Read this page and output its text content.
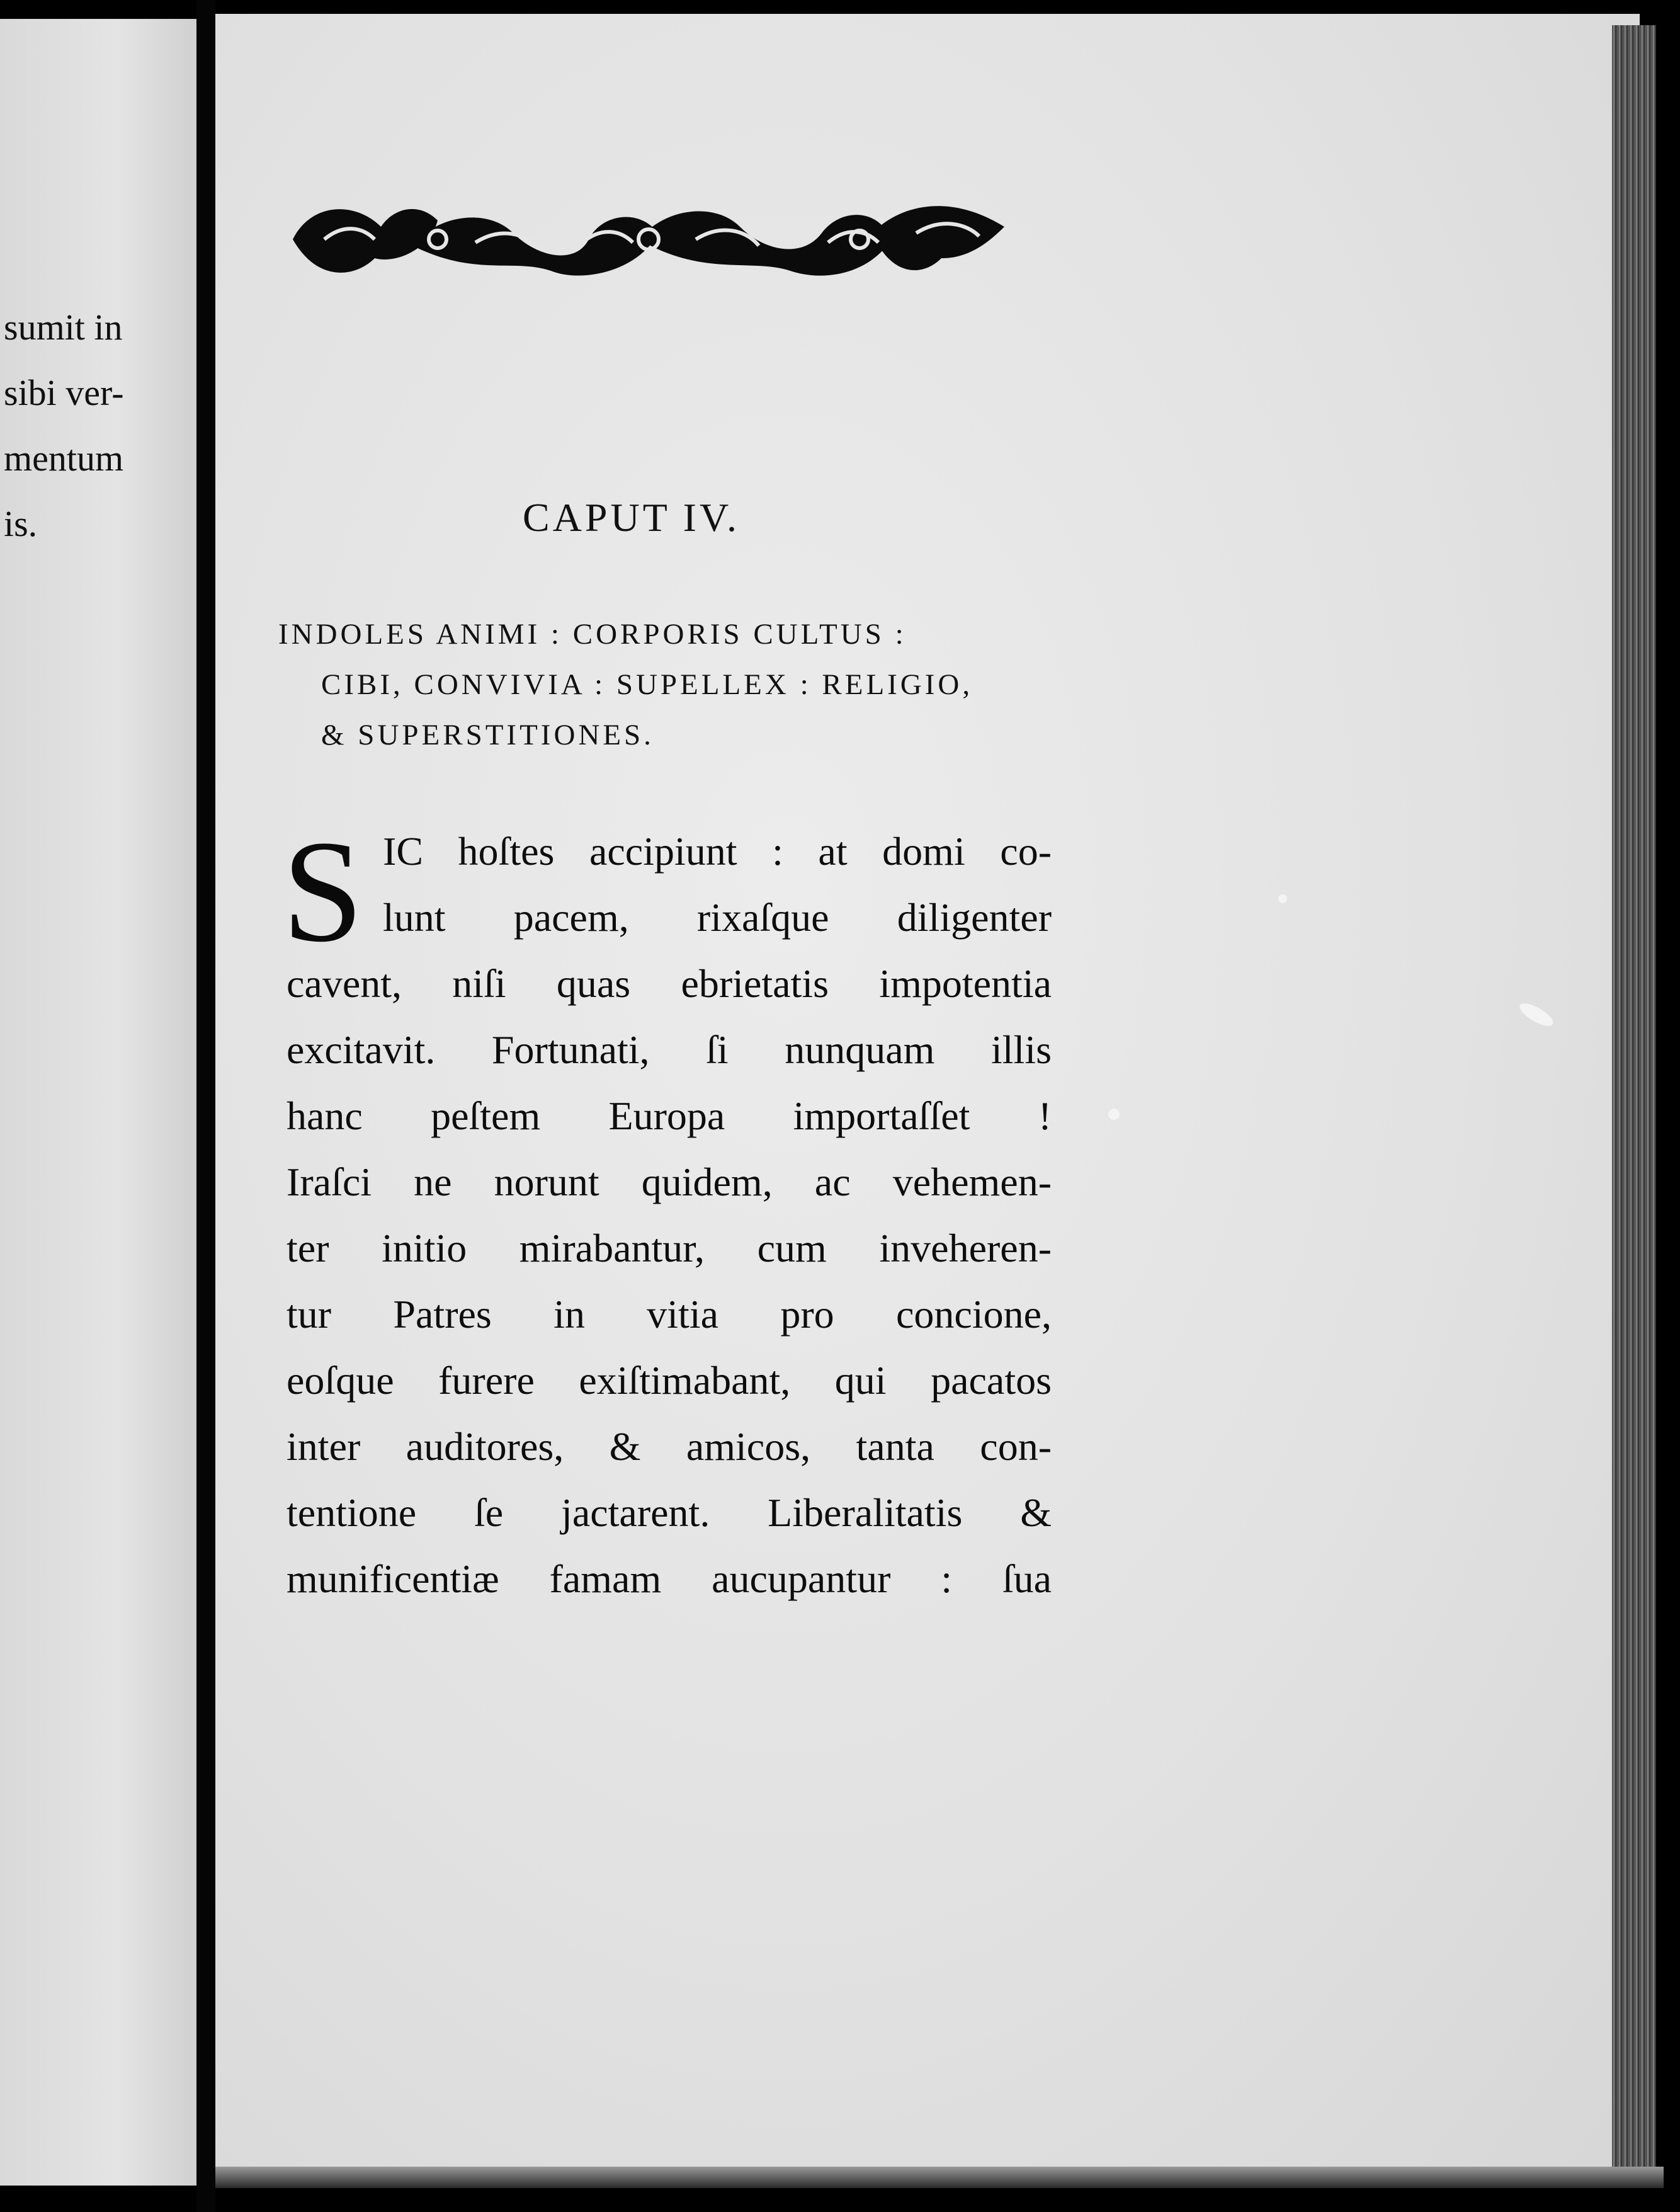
sumit in
sibi ver-
mentum
is.	CAPUT IV.
INDOLES ANIMI : CORPORIS CULTUS :
CIBI, CONVIVIA : SUPELLEX : RELIGIO,
& SUPERSTITIONES.
S IC hoſtes accipiunt : at domi co-
lunt pacem, rixaſque diligenter
cavent, niſi quas ebrietatis impotentia
excitavit. Fortunati, ſi nunquam illis
hanc peſtem Europa importaſſet !
Iraſci ne norunt quidem, ac vehemen-
ter initio mirabantur, cum inveheren-
tur Patres in vitia pro concione,
eoſque furere exiſtimabant, qui pacatos
inter auditores, & amicos, tanta con-
tentione ſe jactarent. Liberalitatis &
munificentiæ famam aucupantur : ſua
